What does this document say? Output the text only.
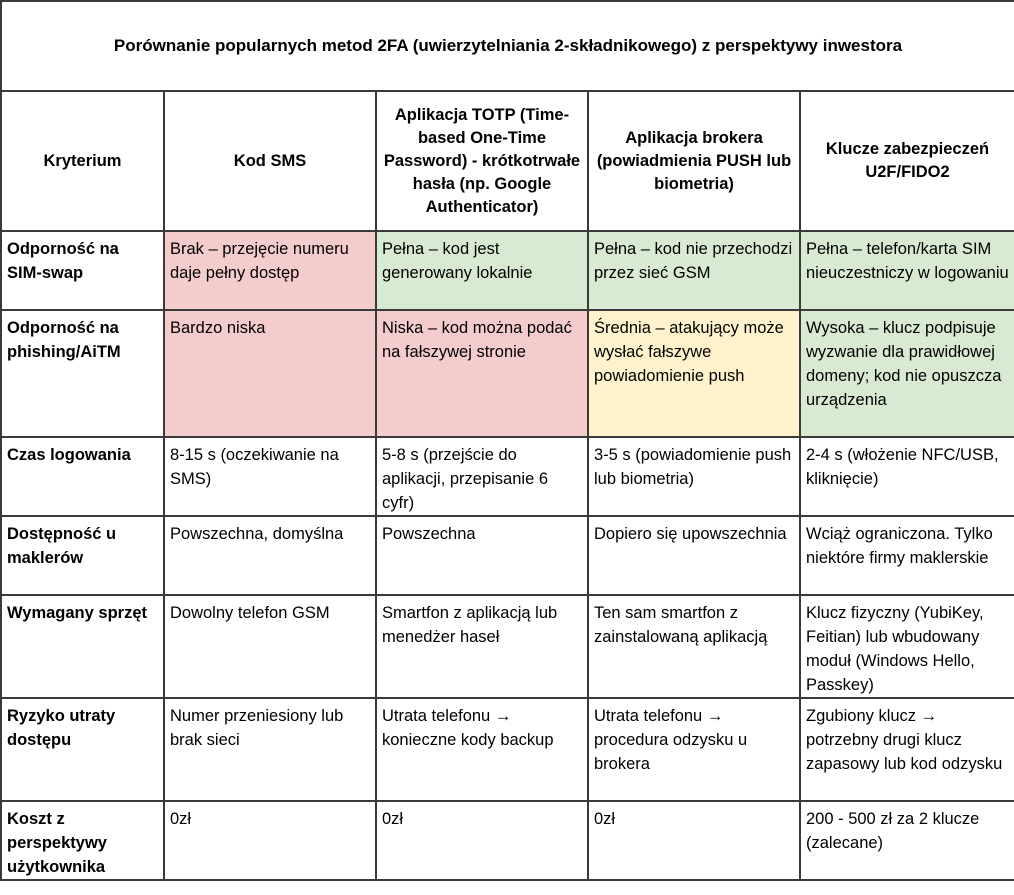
Porównanie popularnych metod 2FA (uwierzytelniania 2-składnikowego) z perspektywy inwestora				
Kryterium	Kod SMS	Aplikacja TOTP (Time-based One-Time Password) - krótkotrwałe hasła (np. Google Authenticator)	Aplikacja brokera (powiadmienia PUSH lub biometria)	Klucze zabezpieczeń U2F/FIDO2
Odporność na SIM-swap	Brak – przejęcie numeru daje pełny dostęp	Pełna – kod jest generowany lokalnie	Pełna – kod nie przechodzi przez sieć GSM	Pełna – telefon/karta SIM nieuczestniczy w logowaniu
Odporność na phishing/AiTM	Bardzo niska	Niska – kod można podać na fałszywej stronie	Średnia – atakujący może wysłać fałszywe powiadomienie push	Wysoka – klucz podpisuje wyzwanie dla prawidłowej domeny; kod nie opuszcza urządzenia
Czas logowania	8-15 s (oczekiwanie na SMS)	5-8 s (przejście do aplikacji, przepisanie 6 cyfr)	3-5 s (powiadomienie push lub biometria)	2-4 s (włożenie NFC/USB, kliknięcie)
Dostępność u maklerów	Powszechna, domyślna	Powszechna	Dopiero się upowszechnia	Wciąż ograniczona. Tylko niektóre firmy maklerskie
Wymagany sprzęt	Dowolny telefon GSM	Smartfon z aplikacją lub menedżer haseł	Ten sam smartfon z zainstalowaną aplikacją	Klucz fizyczny (YubiKey, Feitian) lub wbudowany moduł (Windows Hello, Passkey)
Ryzyko utraty dostępu	Numer przeniesiony lub brak sieci	Utrata telefonu → konieczne kody backup	Utrata telefonu → procedura odzysku u brokera	Zgubiony klucz → potrzebny drugi klucz zapasowy lub kod odzysku
Koszt z perspektywy użytkownika	0zł	0zł	0zł	200 - 500 zł za 2 klucze (zalecane)
